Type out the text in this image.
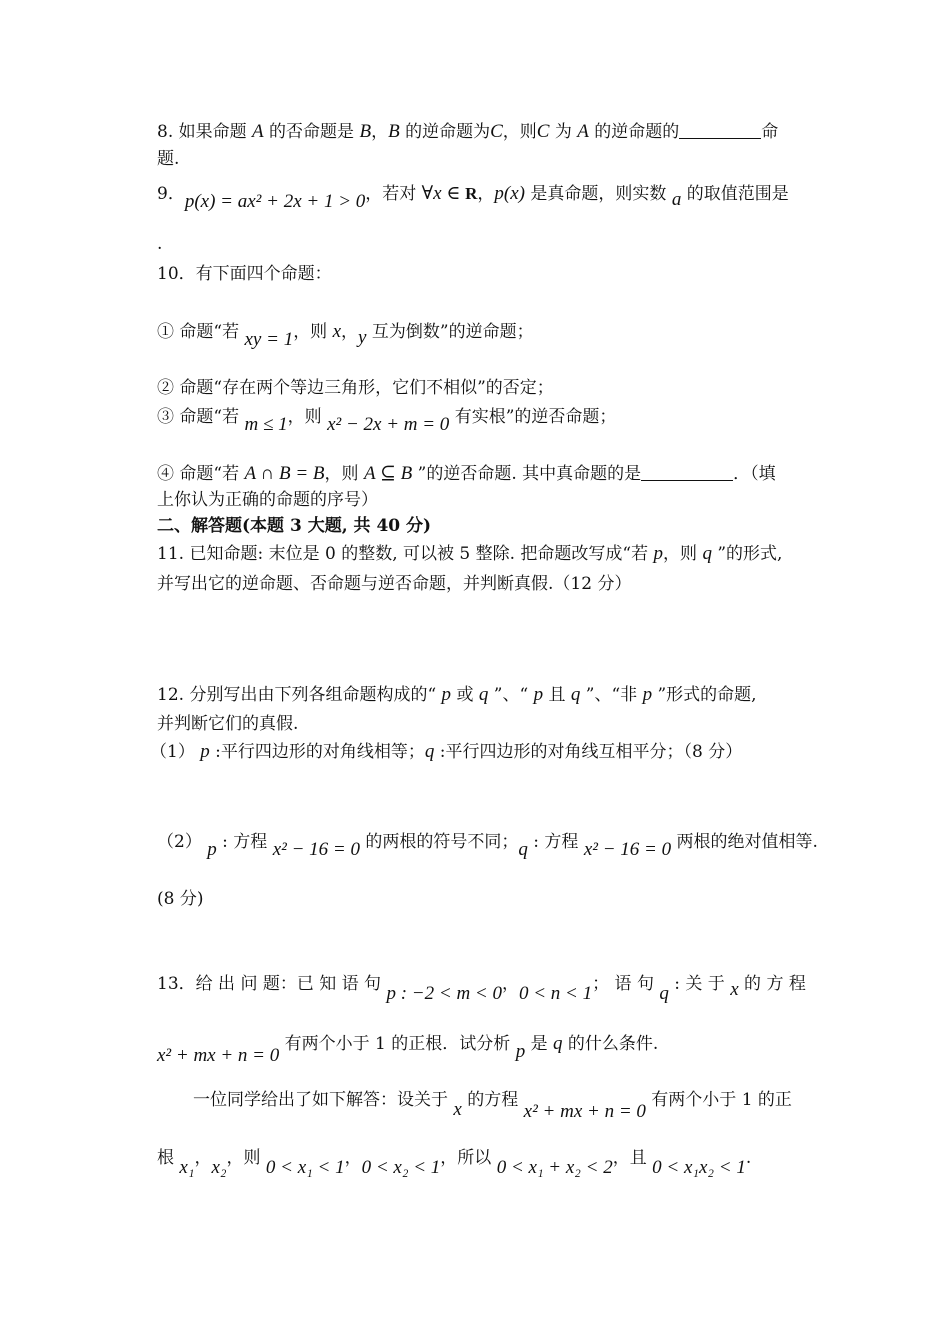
8. 如果命题 A 的否命题是 B，B 的逆命题为C，则C 为 A 的逆命题的	命
题.
9．p(x) = ax² + 2x + 1 > 0，若对 ∀x ∈ R，p(x) 是真命题，则实数 a 的取值范围是
.
10．有下面四个命题：
① 命题“若 xy = 1，则 x，y 互为倒数”的逆命题；
② 命题“存在两个等边三角形，它们不相似”的否定；
③ 命题“若 m ≤ 1，则 x² − 2x + m = 0 有实根”的逆否命题；
④ 命题“若 A ∩ B = B，则 A ⊆ B ”的逆否命题. 其中真命题的是	．（填
上你认为正确的命题的序号）
二、解答题(本题 3 大题, 共 40 分)
11. 已知命题: 末位是 0 的整数, 可以被 5 整除. 把命题改写成“若 p，则 q ”的形式,
并写出它的逆命题、否命题与逆否命题，并判断真假.（12 分）
12. 分别写出由下列各组命题构成的“ p 或 q ”、“ p 且 q ”、“非 p ”形式的命题,
并判断它们的真假.
（1） p :平行四边形的对角线相等；q :平行四边形的对角线互相平分；（8 分）
（2） p : 方程 x² − 16 = 0 的两根的符号不同；q : 方程 x² − 16 = 0 两根的绝对值相等.
(8 分)
13．给 出 问 题：已 知 语 句 p : −2 < m < 0，0 < n < 1； 语 句 q : 关 于 x 的 方 程
x² + mx + n = 0 有两个小于 1 的正根．试分析 p 是 q 的什么条件.
一位同学给出了如下解答：设关于 x 的方程 x² + mx + n = 0 有两个小于 1 的正
根 x₁，x₂，则 0 < x₁ < 1，0 < x₂ < 1，所以 0 < x₁ + x₂ < 2，且 0 < x₁x₂ < 1.
